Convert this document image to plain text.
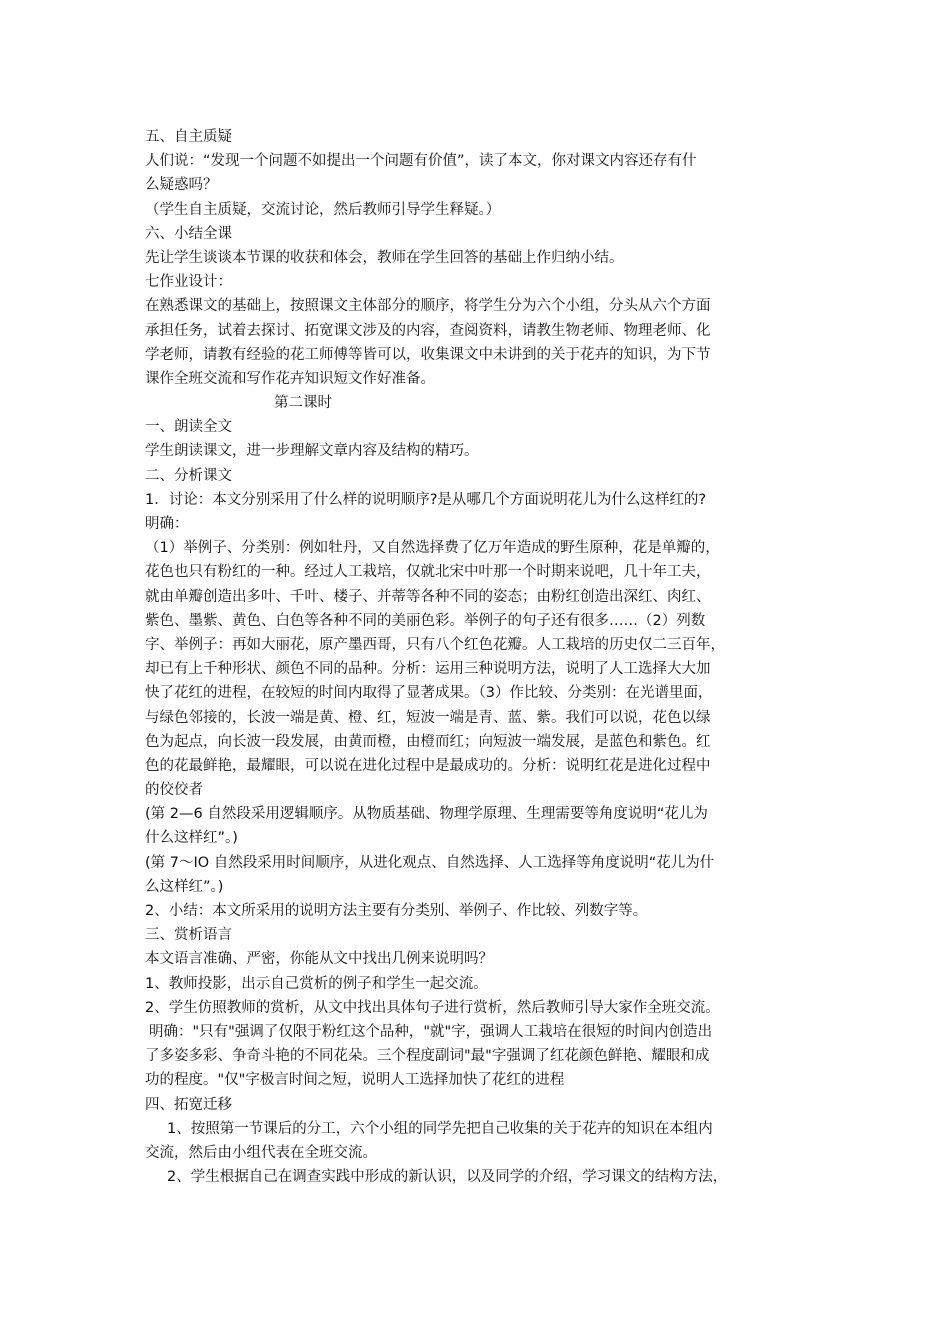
五、自主质疑
人们说：“发现一个问题不如提出一个问题有价值”，读了本文，你对课文内容还存有什
么疑惑吗？
（学生自主质疑，交流讨论，然后教师引导学生释疑。）
六、小结全课
先让学生谈谈本节课的收获和体会，教师在学生回答的基础上作归纳小结。
七作业设计：
在熟悉课文的基础上，按照课文主体部分的顺序，将学生分为六个小组，分头从六个方面
承担任务，试着去探讨、拓宽课文涉及的内容，查阅资料，请教生物老师、物理老师、化
学老师，请教有经验的花工师傅等皆可以，收集课文中未讲到的关于花卉的知识，为下节
课作全班交流和写作花卉知识短文作好准备。
第二课时
一、朗读全文
学生朗读课文，进一步理解文章内容及结构的精巧。
二、分析课文
1．讨论：本文分别采用了什么样的说明顺序?是从哪几个方面说明花儿为什么这样红的?
明确：
（1）举例子、分类别：例如牡丹，又自然选择费了亿万年造成的野生原种，花是单瓣的，
花色也只有粉红的一种。经过人工栽培，仅就北宋中叶那一个时期来说吧，几十年工夫，
就由单瓣创造出多叶、千叶、楼子、并蒂等各种不同的姿态；由粉红创造出深红、肉红、
紫色、墨紫、黄色、白色等各种不同的美丽色彩。举例子的句子还有很多……（2）列数
字、举例子：再如大丽花，原产墨西哥，只有八个红色花瓣。人工栽培的历史仅二三百年，
却已有上千种形状、颜色不同的品种。分析：运用三种说明方法，说明了人工选择大大加
快了花红的进程，在较短的时间内取得了显著成果。（3）作比较、分类别：在光谱里面，
与绿色邻接的，长波一端是黄、橙、红，短波一端是青、蓝、紫。我们可以说，花色以绿
色为起点，向长波一段发展，由黄而橙，由橙而红；向短波一端发展，是蓝色和紫色。红
色的花最鲜艳，最耀眼，可以说在进化过程中是最成功的。分析：说明红花是进化过程中
的佼佼者
(第 2—6 自然段采用逻辑顺序。从物质基础、物理学原理、生理需要等角度说明“花儿为
什么这样红”。)
(第 7～IO 自然段采用时间顺序，从进化观点、自然选择、人工选择等角度说明“花儿为什
么这样红”。)
2、小结：本文所采用的说明方法主要有分类别、举例子、作比较、列数字等。
三、赏析语言
本文语言准确、严密，你能从文中找出几例来说明吗？
1、教师投影，出示自己赏析的例子和学生一起交流。
2、学生仿照教师的赏析，从文中找出具体句子进行赏析，然后教师引导大家作全班交流。
明确："只有"强调了仅限于粉红这个品种，"就"字，强调人工栽培在很短的时间内创造出
了多姿多彩、争奇斗艳的不同花朵。三个程度副词"最"字强调了红花颜色鲜艳、耀眼和成
功的程度。"仅"字极言时间之短，说明人工选择加快了花红的进程
四、拓宽迁移
1、按照第一节课后的分工，六个小组的同学先把自己收集的关于花卉的知识在本组内
交流，然后由小组代表在全班交流。
2、学生根据自己在调查实践中形成的新认识，以及同学的介绍，学习课文的结构方法，
